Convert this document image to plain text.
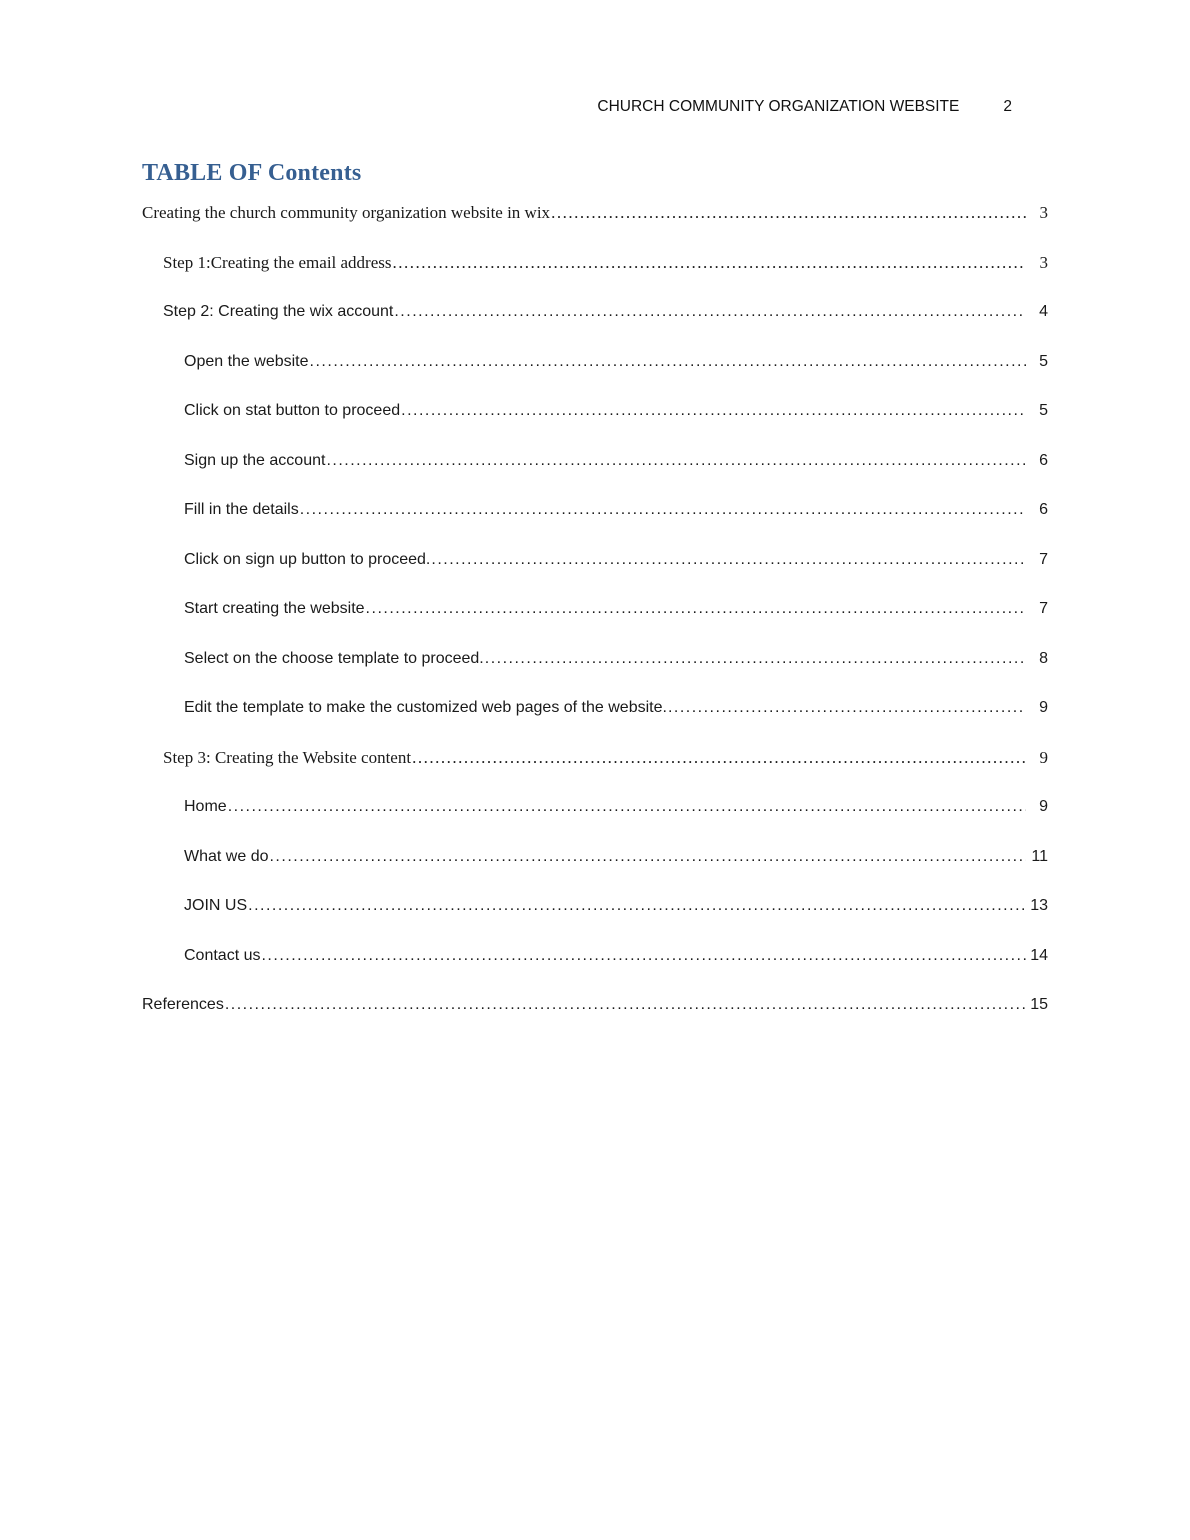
CHURCH COMMUNITY ORGANIZATION WEBSITE	2
TABLE OF Contents
Creating the church community organization website in wix .....	3
Step 1:Creating the email address .....	3
Step 2: Creating the wix account .....	4
Open the website .....	5
Click on stat button to proceed .....	5
Sign up the account .....	6
Fill in the details .....	6
Click on sign up button to proceed. .....	7
Start creating the website .....	7
Select on the choose template to proceed. .....	8
Edit the template to make the customized web pages of the website. .....	9
Step 3: Creating the Website content .....	9
Home .....	9
What we do .....	11
JOIN US .....	13
Contact us .....	14
References .....	15
